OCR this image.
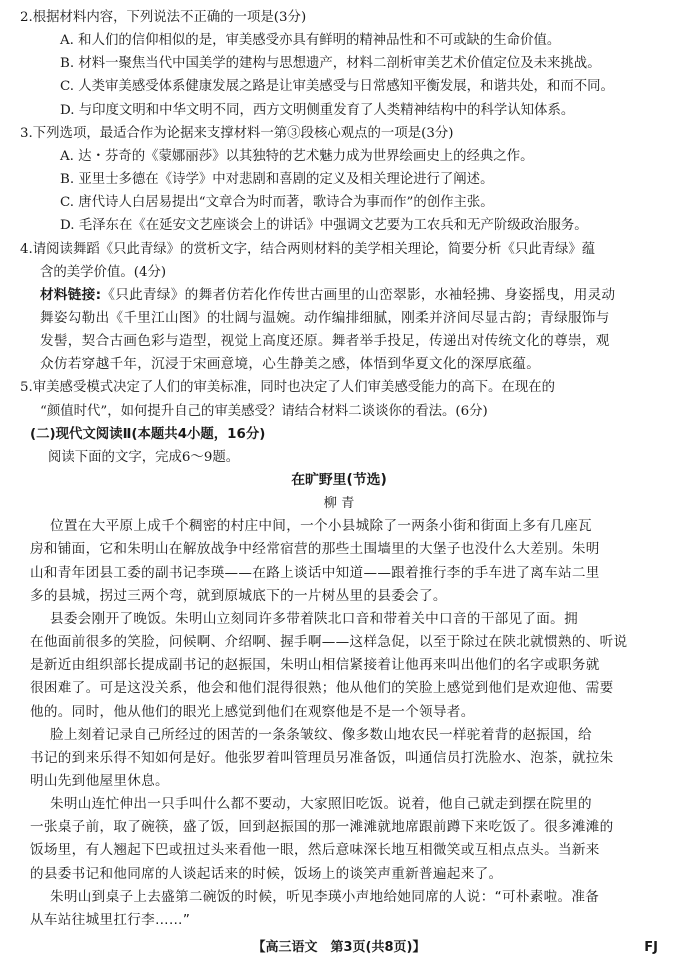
2.根据材料内容，下列说法不正确的一项是(3分)
A. 和人们的信仰相似的是，审美感受亦具有鲜明的精神品性和不可或缺的生命价值。
B. 材料一聚焦当代中国美学的建构与思想遗产，材料二剖析审美艺术价值定位及未来挑战。
C. 人类审美感受体系健康发展之路是让审美感受与日常感知平衡发展，和谐共处，和而不同。
D. 与印度文明和中华文明不同，西方文明侧重发育了人类精神结构中的科学认知体系。
3.下列选项，最适合作为论据来支撑材料一第③段核心观点的一项是(3分)
A. 达・芬奇的《蒙娜丽莎》以其独特的艺术魅力成为世界绘画史上的经典之作。
B. 亚里士多德在《诗学》中对悲剧和喜剧的定义及相关理论进行了阐述。
C. 唐代诗人白居易提出“文章合为时而著，歌诗合为事而作”的创作主张。
D. 毛泽东在《在延安文艺座谈会上的讲话》中强调文艺要为工农兵和无产阶级政治服务。
4.请阅读舞蹈《只此青绿》的赏析文字，结合两则材料的美学相关理论，简要分析《只此青绿》蕴
含的美学价值。(4分)
材料链接:《只此青绿》的舞者仿若化作传世古画里的山峦翠影，水袖轻拂、身姿摇曳，用灵动
舞姿勾勒出《千里江山图》的壮阔与温婉。动作编排细腻，刚柔并济间尽显古韵；青绿服饰与
发髻，契合古画色彩与造型，视觉上高度还原。舞者举手投足，传递出对传统文化的尊崇，观
众仿若穿越千年，沉浸于宋画意境，心生静美之感，体悟到华夏文化的深厚底蕴。
5.审美感受模式决定了人们的审美标准，同时也决定了人们审美感受能力的高下。在现在的
“颜值时代”，如何提升自己的审美感受？请结合材料二谈谈你的看法。(6分)
(二)现代文阅读Ⅱ(本题共4小题，16分)
阅读下面的文字，完成6～9题。
在旷野里(节选)
柳 青
位置在大平原上成千个稠密的村庄中间，一个小县城除了一两条小街和街面上多有几座瓦
房和铺面，它和朱明山在解放战争中经常宿营的那些土围墙里的大堡子也没什么大差别。朱明
山和青年团县工委的副书记李瑛——在路上谈话中知道——跟着推行李的手车进了离车站二里
多的县城，拐过三两个弯，就到原城底下的一片树丛里的县委会了。
县委会刚开了晚饭。朱明山立刻同许多带着陕北口音和带着关中口音的干部见了面。拥
在他面前很多的笑脸，问候啊、介绍啊、握手啊——这样急促，以至于除过在陕北就惯熟的、听说
是新近由组织部长提成副书记的赵振国，朱明山相信紧接着让他再来叫出他们的名字或职务就
很困难了。可是这没关系，他会和他们混得很熟；他从他们的笑脸上感觉到他们是欢迎他、需要
他的。同时，他从他们的眼光上感觉到他们在观察他是不是一个领导者。
脸上刻着记录自己所经过的困苦的一条条皱纹、像多数山地农民一样驼着背的赵振国，给
书记的到来乐得不知如何是好。他张罗着叫管理员另准备饭，叫通信员打洗脸水、泡茶，就拉朱
明山先到他屋里休息。
朱明山连忙伸出一只手叫什么都不要动，大家照旧吃饭。说着，他自己就走到摆在院里的
一张桌子前，取了碗筷，盛了饭，回到赵振国的那一滩滩就地席跟前蹲下来吃饭了。很多滩滩的
饭场里，有人翘起下巴或扭过头来看他一眼，然后意味深长地互相微笑或互相点点头。当新来
的县委书记和他同席的人谈起话来的时候，饭场上的谈笑声重新普遍起来了。
朱明山到桌子上去盛第二碗饭的时候，听见李瑛小声地给她同席的人说：“可朴素啦。准备
从车站往城里扛行李……”
【高三语文　第3页(共8页)】	FJ
